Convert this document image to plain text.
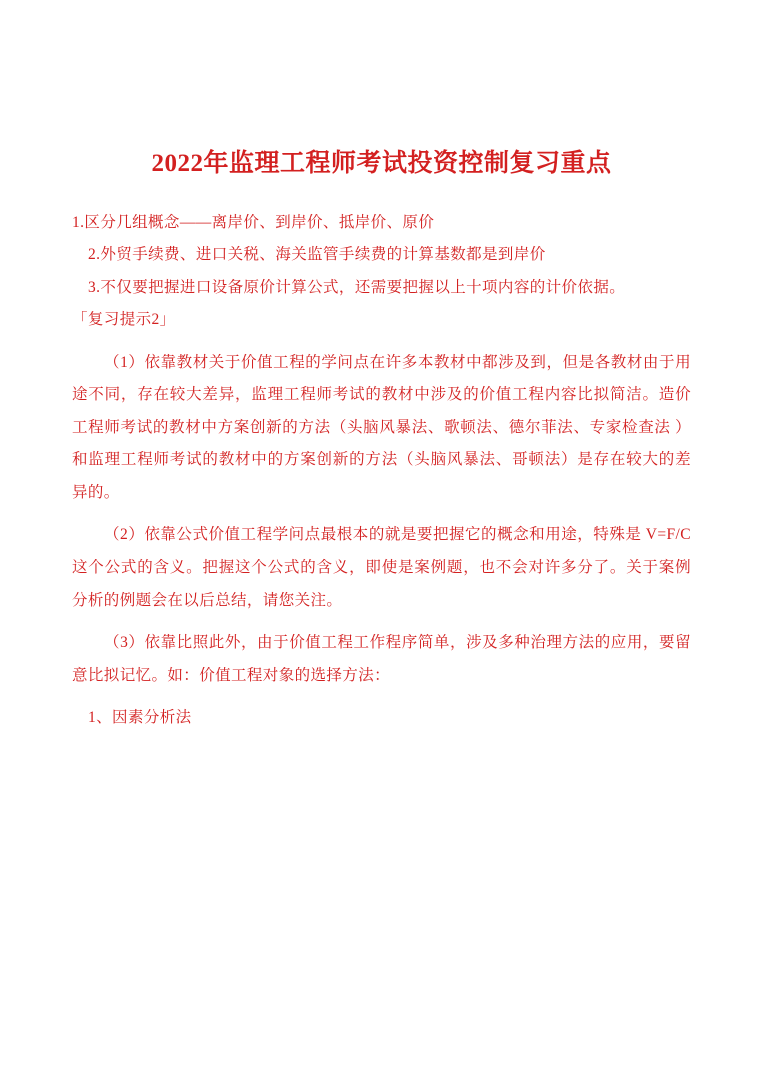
2022年监理工程师考试投资控制复习重点

1.区分几组概念——离岸价、到岸价、抵岸价、原价

2.外贸手续费、进口关税、海关监管手续费的计算基数都是到岸价

3.不仅要把握进口设备原价计算公式，还需要把握以上十项内容的计价依据。

「复习提示2」

（1）依靠教材关于价值工程的学问点在许多本教材中都涉及到，但是各教材由于用途不同，存在较大差异，监理工程师考试的教材中涉及的价值工程内容比拟简洁。造价工程师考试的教材中方案创新的方法（头脑风暴法、歌顿法、德尔菲法、专家检查法 ）和监理工程师考试的教材中的方案创新的方法（头脑风暴法、哥顿法）是存在较大的差异的。

（2）依靠公式价值工程学问点最根本的就是要把握它的概念和用途，特殊是 V=F/C 这个公式的含义。把握这个公式的含义，即使是案例题，也不会对许多分了。关于案例分析的例题会在以后总结，请您关注。

（3）依靠比照此外，由于价值工程工作程序简单，涉及多种治理方法的应用，要留意比拟记忆。如：价值工程对象的选择方法：

1、因素分析法
